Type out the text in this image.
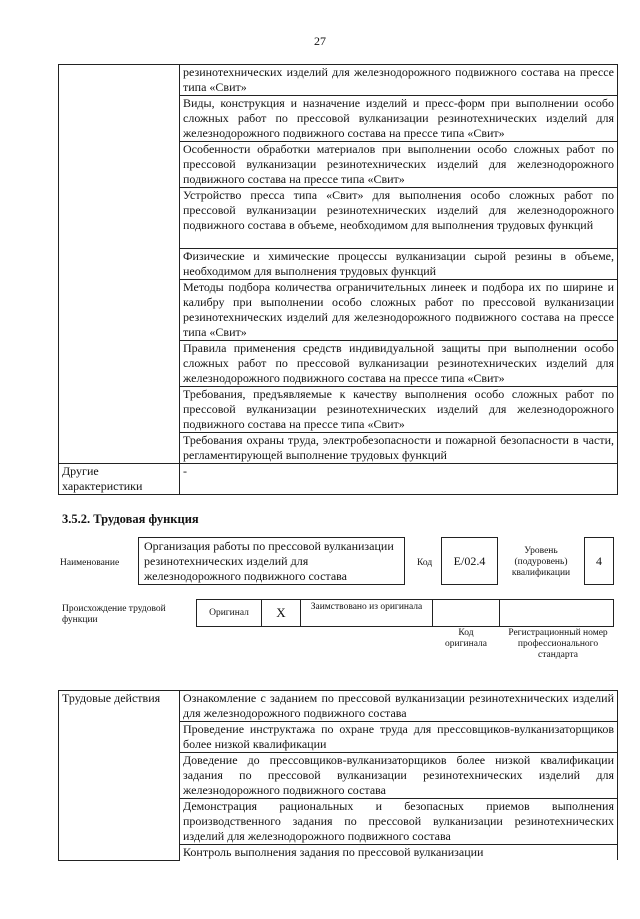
27
	резинотехнических изделий для железнодорожного подвижного состава на прессе типа «Свит»
	Виды, конструкция и назначение изделий и пресс-форм при выполнении особо сложных работ по прессовой вулканизации резинотехнических изделий для железнодорожного подвижного состава на прессе типа «Свит»
	Особенности обработки материалов при выполнении особо сложных работ по прессовой вулканизации резинотехнических изделий для железнодорожного подвижного состава на прессе типа «Свит»
	Устройство пресса типа «Свит» для выполнения особо сложных работ по прессовой вулканизации резинотехнических изделий для железнодорожного подвижного состава в объеме, необходимом для выполнения трудовых функций
	Физические и химические процессы вулканизации сырой резины в объеме, необходимом для выполнения трудовых функций
	Методы подбора количества ограничительных линеек и подбора их по ширине и калибру при выполнении особо сложных работ по прессовой вулканизации резинотехнических изделий для железнодорожного подвижного состава на прессе типа «Свит»
	Правила применения средств индивидуальной защиты при выполнении особо сложных работ по прессовой вулканизации резинотехнических изделий для железнодорожного подвижного состава на прессе типа «Свит»
	Требования, предъявляемые к качеству выполнения особо сложных работ по прессовой вулканизации резинотехнических изделий для железнодорожного подвижного состава на прессе типа «Свит»
	Требования охраны труда, электробезопасности и пожарной безопасности в части, регламентирующей выполнение трудовых функций
Другие характеристики	-
3.5.2. Трудовая функция
Наименование
Организация работы по прессовой вулканизации резинотехнических изделий для железнодорожного подвижного состава
Код E/02.4
Уровень (подуровень) квалификации
4
Происхождение трудовой функции
Оригинал X	Заимствовано из оригинала
Код оригинала
Регистрационный номер профессионального стандарта
Трудовые действия	Ознакомление с заданием по прессовой вулканизации резинотехнических изделий для железнодорожного подвижного состава
Проведение инструктажа по охране труда для прессовщиков-вулканизаторщиков более низкой квалификации
Доведение до прессовщиков-вулканизаторщиков более низкой квалификации задания по прессовой вулканизации резинотехнических изделий для железнодорожного подвижного состава
Демонстрация рациональных и безопасных приемов выполнения производственного задания по прессовой вулканизации резинотехнических изделий для железнодорожного подвижного состава
Контроль выполнения задания по прессовой вулканизации
